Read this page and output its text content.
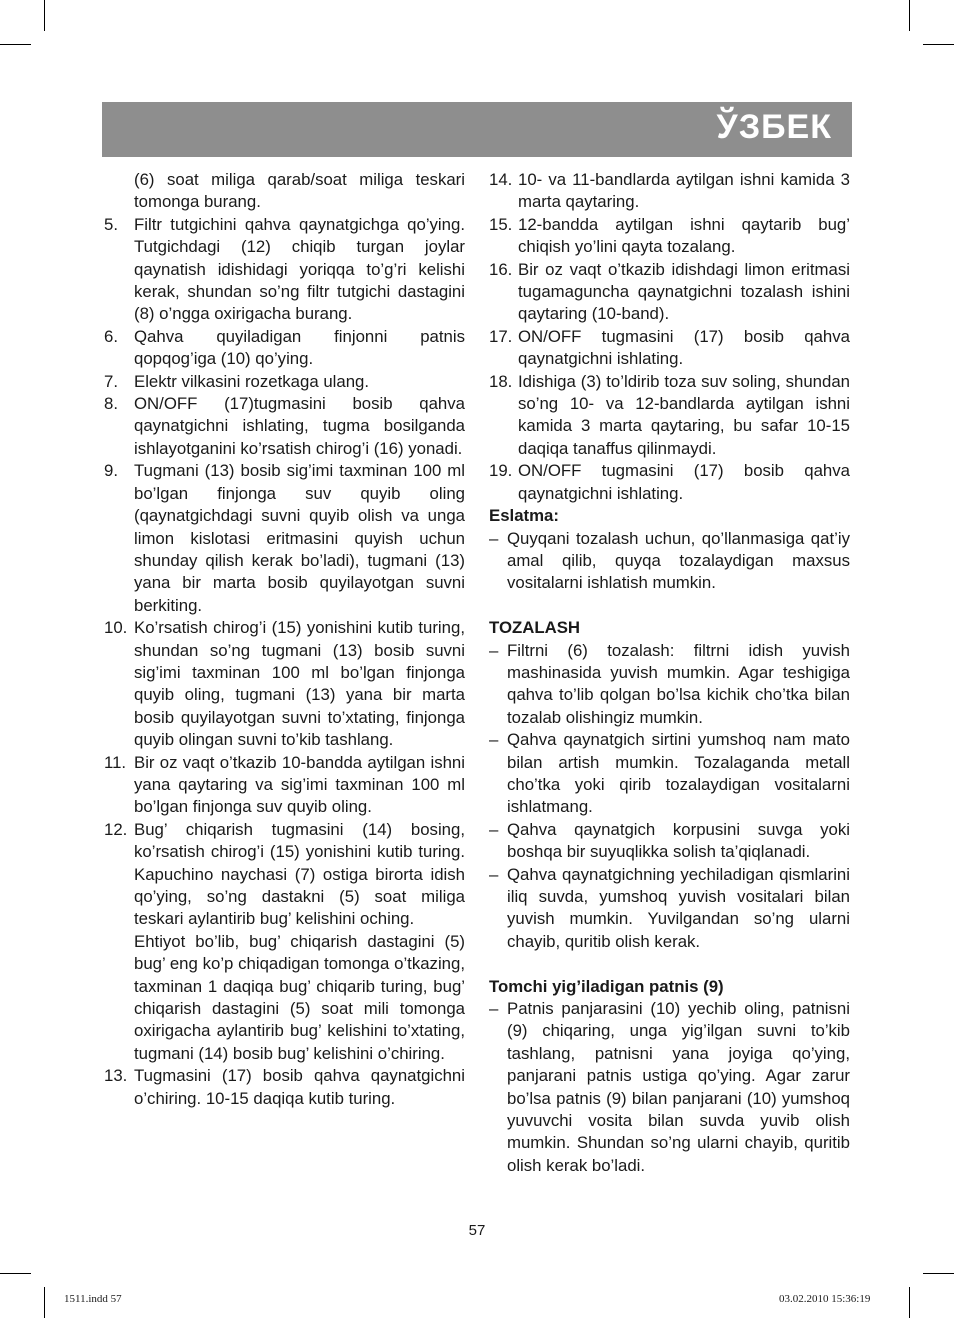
ЎЗБЕК
(6) soat miliga qarab/soat miliga teskari tomonga burang.
5. Filtr tutgichini qahva qaynatgichga qo’ying. Tutgichdagi (12) chiqib turgan joylar qaynatish idishidagi yoriqqa to’g’ri kelishi kerak, shundan so’ng filtr tutgichi dastagini (8) o’ngga oxirigacha burang.
6. Qahva quyiladigan finjonni patnis qopqog’iga (10) qo’ying.
7. Elektr vilkasini rozetkaga ulang.
8. ON/OFF (17)tugmasini bosib qahva qaynatgichni ishlating, tugma bosilganda ishlayotganini ko’rsatish chirog’i (16) yonadi.
9. Tugmani (13) bosib sig’imi taxminan 100 ml bo’lgan finjonga suv quyib oling (qaynatgichdagi suvni quyib olish va unga limon kislotasi eritmasini quyish uchun shunday qilish kerak bo’ladi), tugmani (13) yana bir marta bosib quyilayotgan suvni berkiting.
10. Ko’rsatish chirog’i (15) yonishini kutib turing, shundan so’ng tugmani (13) bosib suvni sig’imi taxminan 100 ml bo’lgan finjonga quyib oling, tugmani (13) yana bir marta bosib quyilayotgan suvni to’xtating, finjonga quyib olingan suvni to’kib tashlang.
11. Bir oz vaqt o’tkazib 10-bandda aytilgan ishni yana qaytaring va sig’imi taxminan 100 ml bo’lgan finjonga suv quyib oling.
12. Bug’ chiqarish tugmasini (14) bosing, ko’rsatish chirog’i (15) yonishini kutib turing. Kapuchino naychasi (7) ostiga birorta idish qo’ying, so’ng dastakni (5) soat miliga teskari aylantirib bug’ kelishini oching.
Ehtiyot bo’lib, bug’ chiqarish dastagini (5) bug’ eng ko’p chiqadigan tomonga o’tkazing, taxminan 1 daqiqa bug’ chiqarib turing, bug’ chiqarish dastagini (5) soat mili tomonga oxirigacha aylantirib bug’ kelishini to’xtating, tugmani (14) bosib bug’ kelishini o’chiring.
13. Tugmasini (17) bosib qahva qaynatgichni o’chiring. 10-15 daqiqa kutib turing.
14. 10- va 11-bandlarda aytilgan ishni kamida 3 marta qaytaring.
15. 12-bandda aytilgan ishni qaytarib bug’ chiqish yo’lini qayta tozalang.
16. Bir oz vaqt o’tkazib idishdagi limon eritmasi tugamaguncha qaynatgichni tozalash ishini qaytaring (10-band).
17. ON/OFF tugmasini (17) bosib qahva qaynatgichni ishlating.
18. Idishiga (3) to’ldirib toza suv soling, shundan so’ng 10- va 12-bandlarda aytilgan ishni kamida 3 marta qaytaring, bu safar 10-15 daqiqa tanaffus qilinmaydi.
19. ON/OFF tugmasini (17) bosib qahva qaynatgichni ishlating.
Eslatma:
– Quyqani tozalash uchun, qo’llanmasiga qat’iy amal qilib, quyqa tozalaydigan maxsus vositalarni ishlatish mumkin.
TOZALASH
– Filtrni (6) tozalash: filtrni idish yuvish mashinasida yuvish mumkin. Agar teshigiga qahva to’lib qolgan bo’lsa kichik cho’tka bilan tozalab olishingiz mumkin.
– Qahva qaynatgich sirtini yumshoq nam mato bilan artish mumkin. Tozalaganda metall cho’tka yoki qirib tozalaydigan vositalarni ishlatmang.
– Qahva qaynatgich korpusini suvga yoki boshqa bir suyuqlikka solish ta’qiqlanadi.
– Qahva qaynatgichning yechiladigan qismlarini iliq suvda, yumshoq yuvish vositalari bilan yuvish mumkin. Yuvilgandan so’ng ularni chayib, quritib olish kerak.
Tomchi yig’iladigan patnis (9)
– Patnis panjarasini (10) yechib oling, patnisni (9) chiqaring, unga yig’ilgan suvni to’kib tashlang, patnisni yana joyiga qo’ying, panjarani patnis ustiga qo’ying. Agar zarur bo’lsa patnis (9) bilan panjarani (10) yumshoq yuvuvchi vosita bilan suvda yuvib olish mumkin. Shundan so’ng ularni chayib, quritib olish kerak bo’ladi.
57
1511.indd 57	03.02.2010 15:36:19
